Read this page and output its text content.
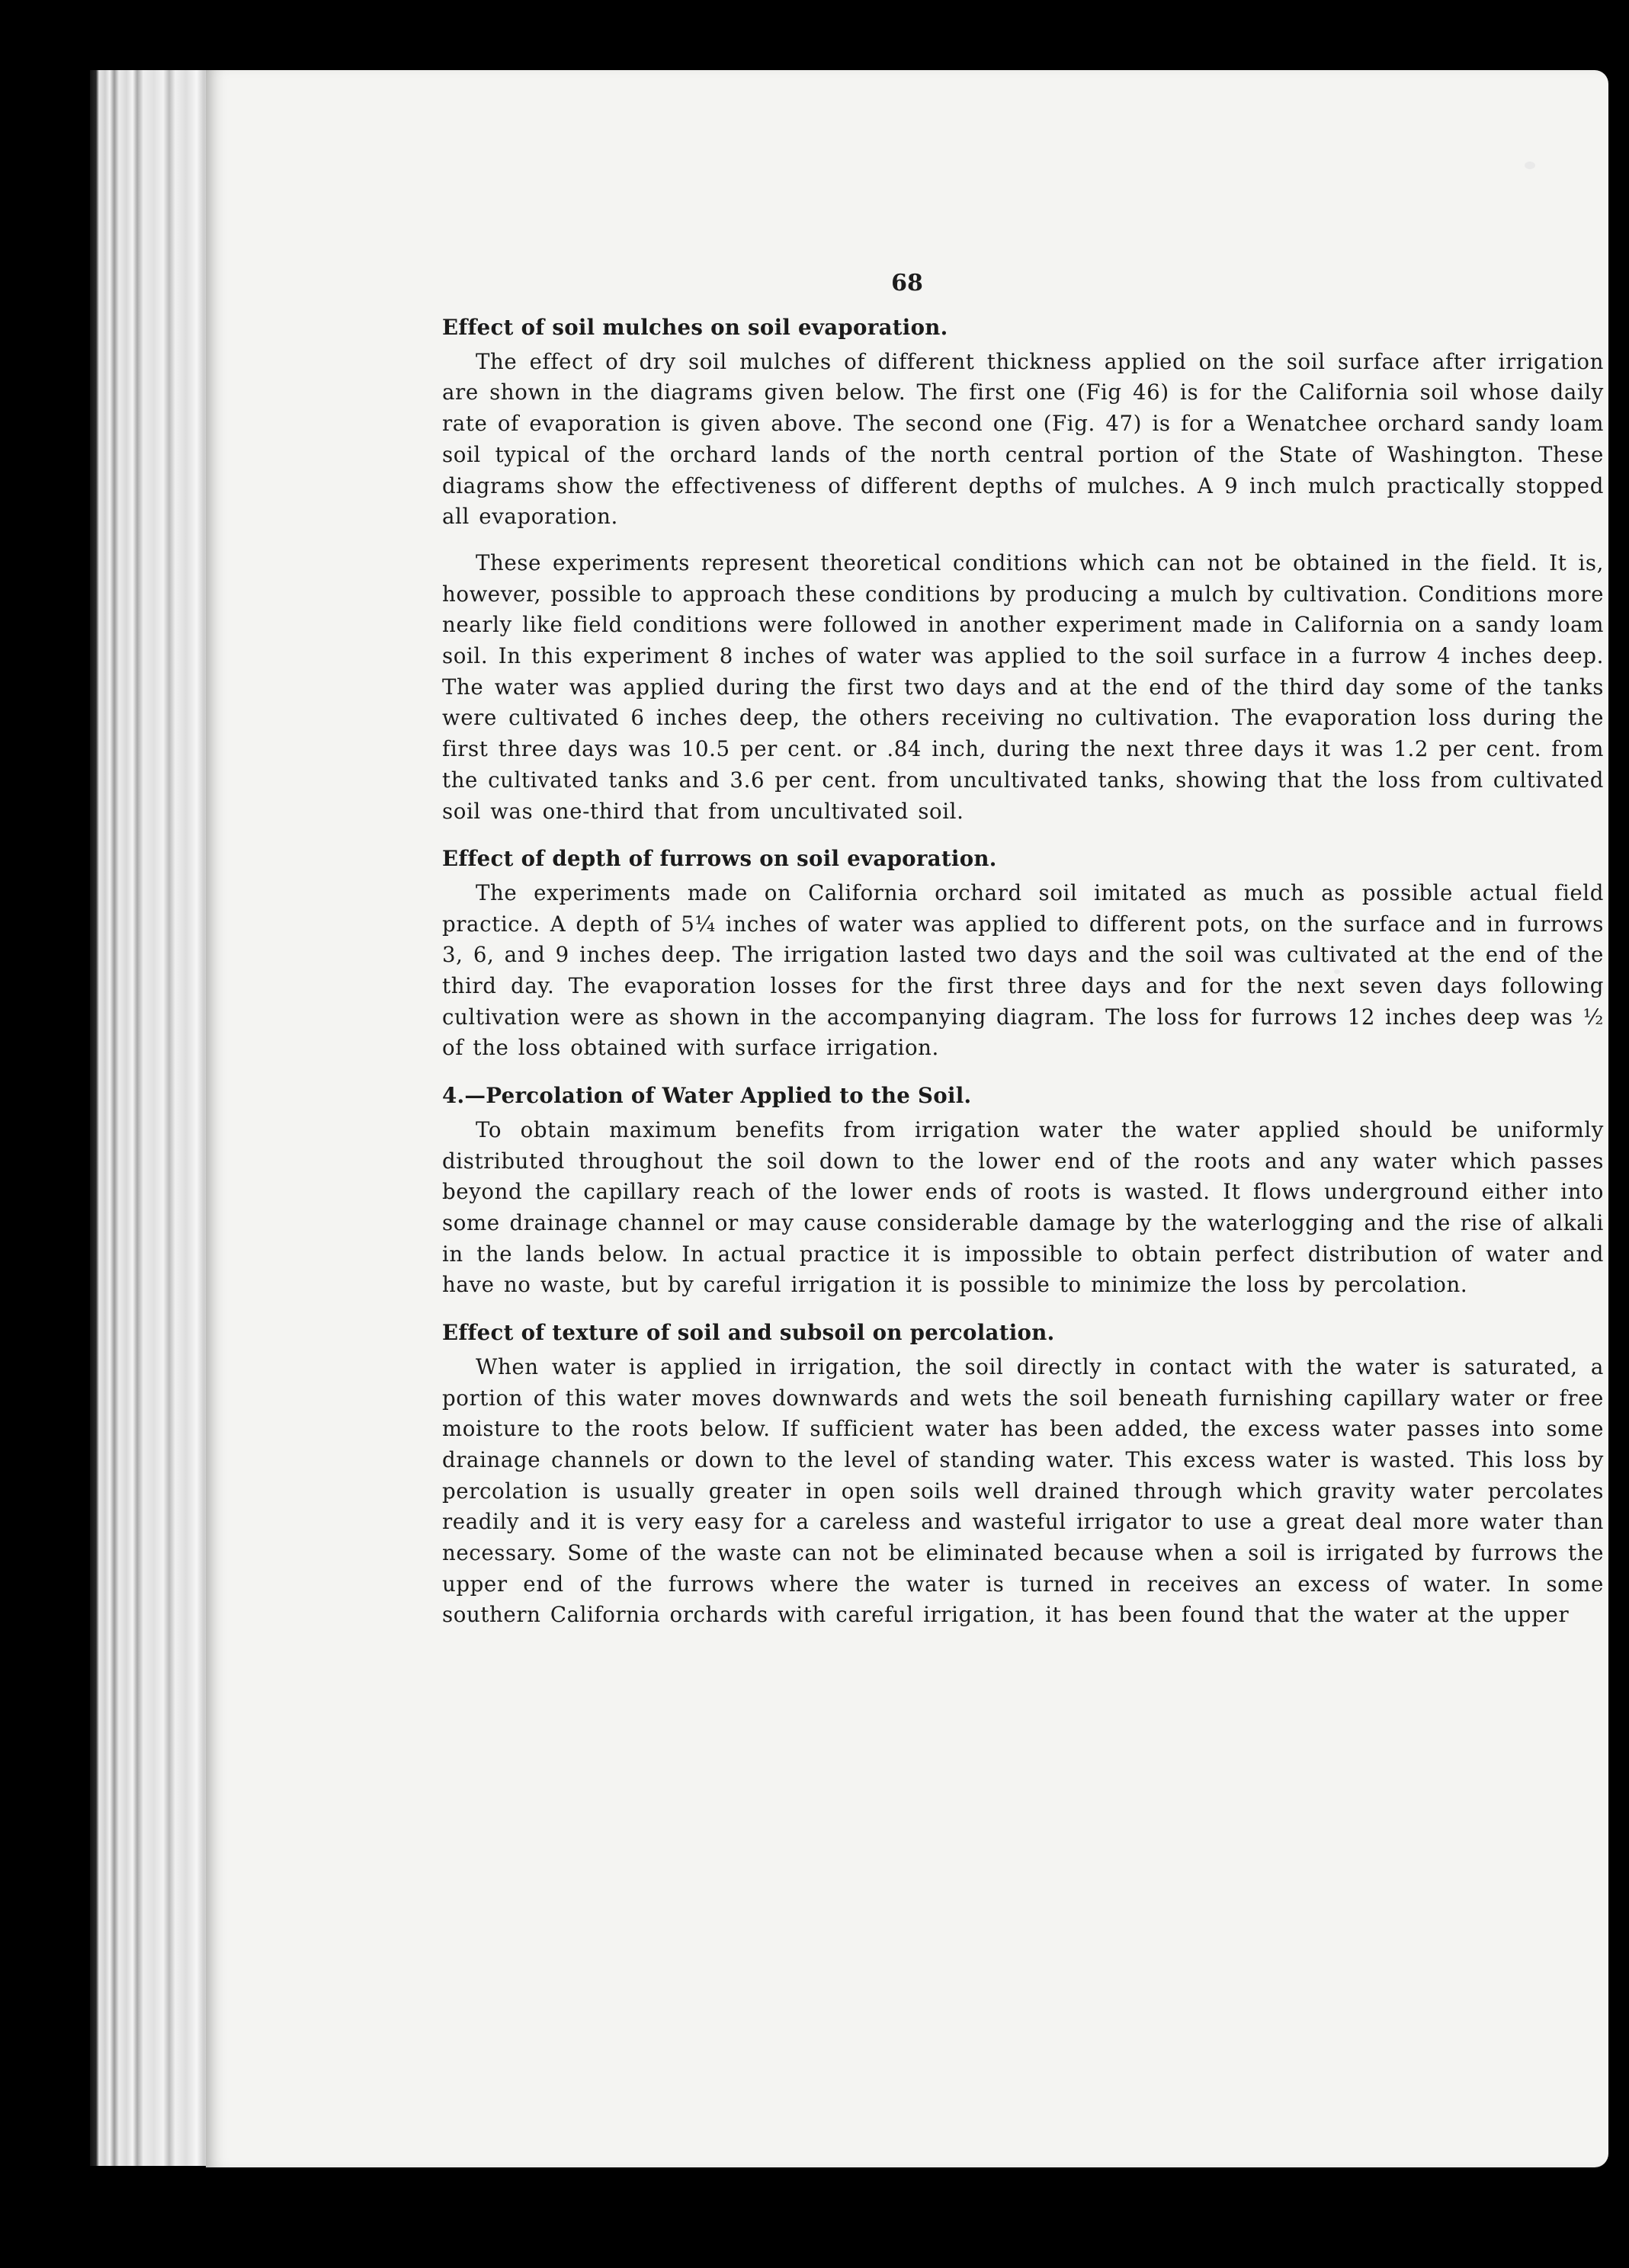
68
Effect of soil mulches on soil evaporation.

The effect of dry soil mulches of different thickness applied on the soil surface after irrigation are shown in the diagrams given below. The first one (Fig 46) is for the California soil whose daily rate of evaporation is given above. The second one (Fig. 47) is for a Wenatchee orchard sandy loam soil typical of the orchard lands of the north central portion of the State of Washington. These diagrams show the effectiveness of different depths of mulches. A 9 inch mulch practically stopped all evaporation.

These experiments represent theoretical conditions which can not be obtained in the field. It is, however, possible to approach these conditions by producing a mulch by cultivation. Conditions more nearly like field conditions were followed in another experiment made in California on a sandy loam soil. In this experiment 8 inches of water was applied to the soil surface in a furrow 4 inches deep. The water was applied during the first two days and at the end of the third day some of the tanks were cultivated 6 inches deep, the others receiving no cultivation. The evaporation loss during the first three days was 10.5 per cent. or .84 inch, during the next three days it was 1.2 per cent. from the cultivated tanks and 3.6 per cent. from uncultivated tanks, showing that the loss from cultivated soil was one-third that from uncultivated soil.

Effect of depth of furrows on soil evaporation.

The experiments made on California orchard soil imitated as much as possible actual field practice. A depth of 5¼ inches of water was applied to different pots, on the surface and in furrows 3, 6, and 9 inches deep. The irrigation lasted two days and the soil was cultivated at the end of the third day. The evaporation losses for the first three days and for the next seven days following cultivation were as shown in the accompanying diagram. The loss for furrows 12 inches deep was ½ of the loss obtained with surface irrigation.

4.—Percolation of Water Applied to the Soil.

To obtain maximum benefits from irrigation water the water applied should be uniformly distributed throughout the soil down to the lower end of the roots and any water which passes beyond the capillary reach of the lower ends of roots is wasted. It flows underground either into some drainage channel or may cause considerable damage by the waterlogging and the rise of alkali in the lands below. In actual practice it is impossible to obtain perfect distribution of water and have no waste, but by careful irrigation it is possible to minimize the loss by percolation.

Effect of texture of soil and subsoil on percolation.

When water is applied in irrigation, the soil directly in contact with the water is saturated, a portion of this water moves downwards and wets the soil beneath furnishing capillary water or free moisture to the roots below. If sufficient water has been added, the excess water passes into some drainage channels or down to the level of standing water. This excess water is wasted. This loss by percolation is usually greater in open soils well drained through which gravity water percolates readily and it is very easy for a careless and wasteful irrigator to use a great deal more water than necessary. Some of the waste can not be eliminated because when a soil is irrigated by furrows the upper end of the furrows where the water is turned in receives an excess of water. In some southern California orchards with careful irrigation, it has been found that the water at the upper
